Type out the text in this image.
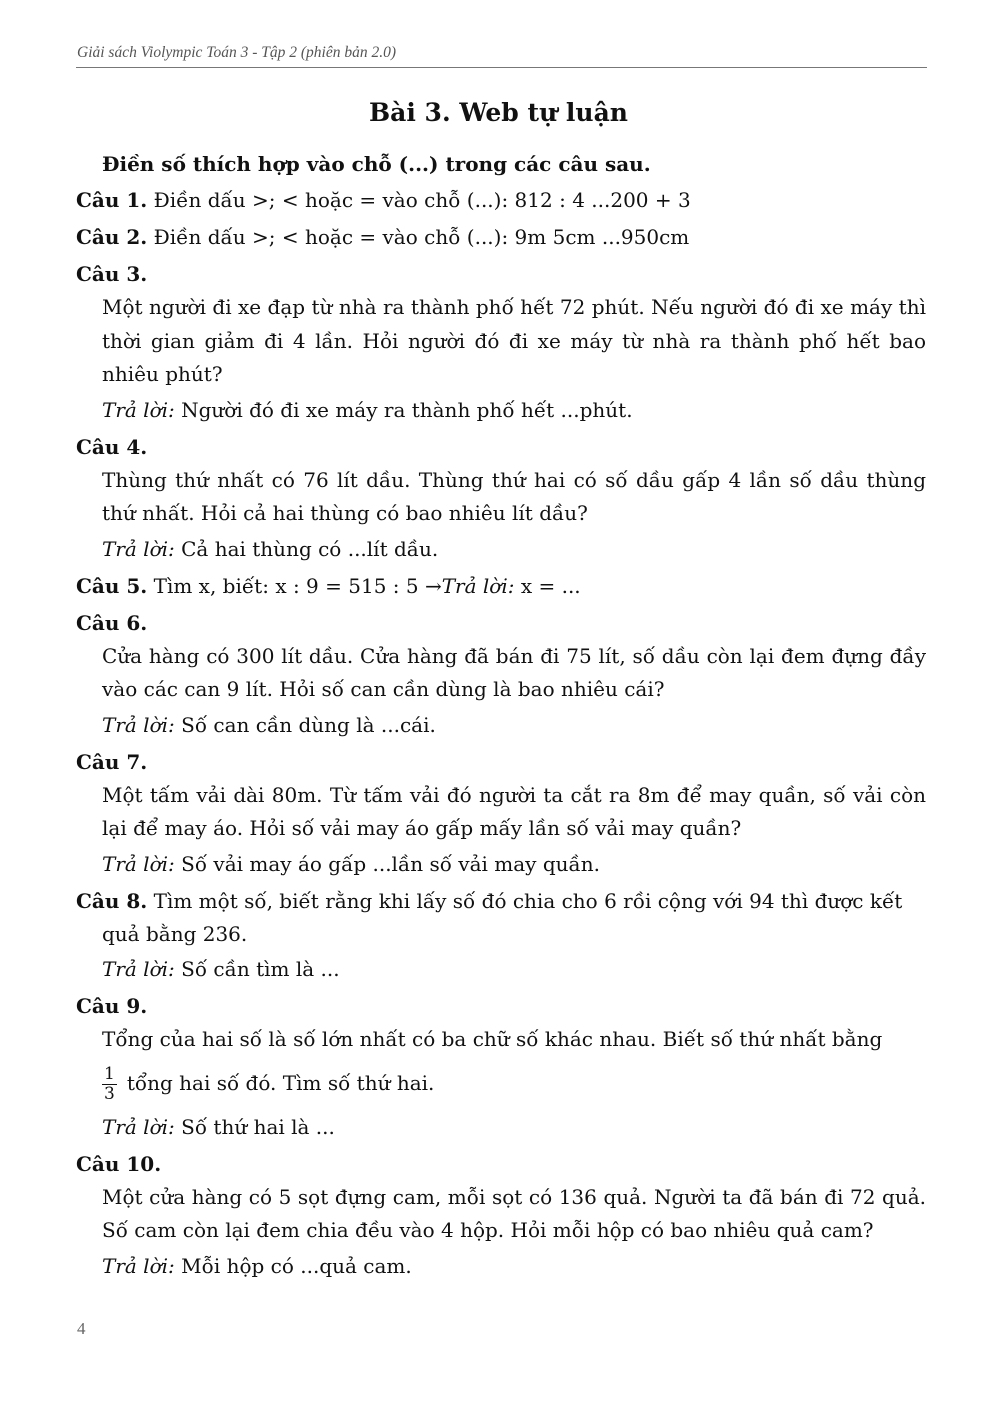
Giải sách Violympic Toán 3 - Tập 2 (phiên bản 2.0)
Bài 3. Web tự luận
Điền số thích hợp vào chỗ (...) trong các câu sau.
Câu 1. Điền dấu >; < hoặc = vào chỗ (...): 812 : 4 ...200 + 3
Câu 2. Điền dấu >; < hoặc = vào chỗ (...): 9m 5cm ...950cm
Câu 3.
Một người đi xe đạp từ nhà ra thành phố hết 72 phút. Nếu người đó đi xe máy thì thời gian giảm đi 4 lần. Hỏi người đó đi xe máy từ nhà ra thành phố hết bao nhiêu phút?
Trả lời: Người đó đi xe máy ra thành phố hết ...phút.
Câu 4.
Thùng thứ nhất có 76 lít dầu. Thùng thứ hai có số dầu gấp 4 lần số dầu thùng thứ nhất. Hỏi cả hai thùng có bao nhiêu lít dầu?
Trả lời: Cả hai thùng có ...lít dầu.
Câu 5. Tìm x, biết: x : 9 = 515 : 5 →Trả lời: x = ...
Câu 6.
Cửa hàng có 300 lít dầu. Cửa hàng đã bán đi 75 lít, số dầu còn lại đem đựng đầy vào các can 9 lít. Hỏi số can cần dùng là bao nhiêu cái?
Trả lời: Số can cần dùng là ...cái.
Câu 7.
Một tấm vải dài 80m. Từ tấm vải đó người ta cắt ra 8m để may quần, số vải còn lại để may áo. Hỏi số vải may áo gấp mấy lần số vải may quần?
Trả lời: Số vải may áo gấp ...lần số vải may quần.
Câu 8. Tìm một số, biết rằng khi lấy số đó chia cho 6 rồi cộng với 94 thì được kết
quả bằng 236.
Trả lời: Số cần tìm là ...
Câu 9.
Tổng của hai số là số lớn nhất có ba chữ số khác nhau. Biết số thứ nhất bằng
$\frac{1}{3}$ tổng hai số đó. Tìm số thứ hai.
Trả lời: Số thứ hai là ...
Câu 10.
Một cửa hàng có 5 sọt đựng cam, mỗi sọt có 136 quả. Người ta đã bán đi 72 quả. Số cam còn lại đem chia đều vào 4 hộp. Hỏi mỗi hộp có bao nhiêu quả cam?
Trả lời: Mỗi hộp có ...quả cam.
4
